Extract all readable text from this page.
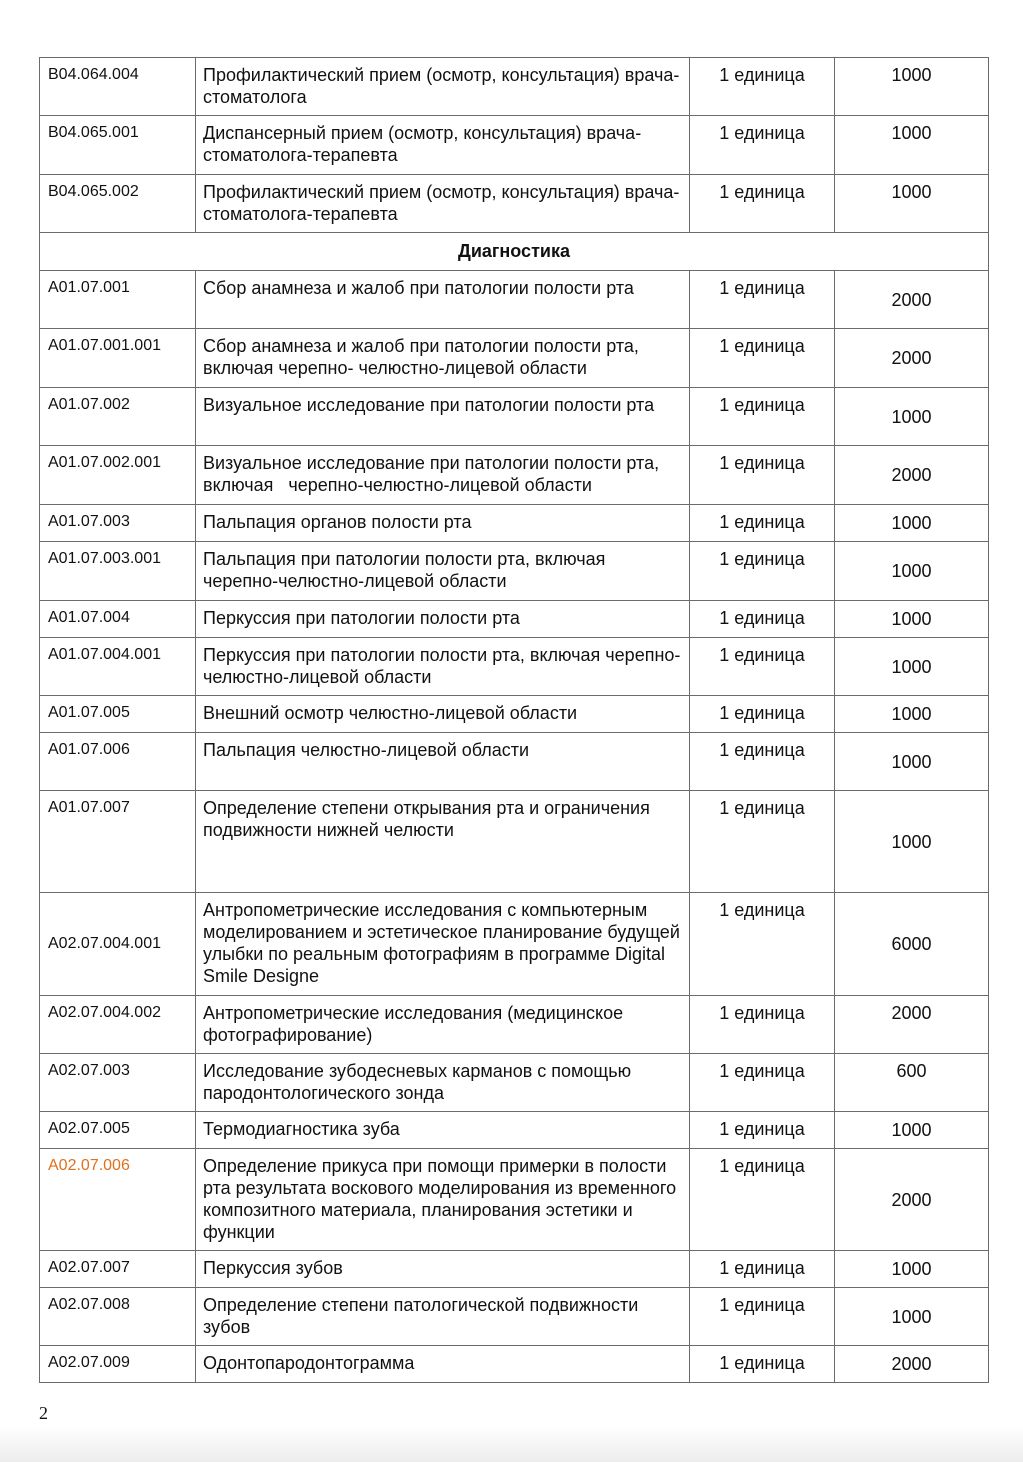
B04.064.004	Профилактический прием (осмотр, консультация) врача-стоматолога	1 единица	1000
B04.065.001	Диспансерный прием (осмотр, консультация) врача-стоматолога-терапевта	1 единица	1000
B04.065.002	Профилактический прием (осмотр, консультация) врача-стоматолога-терапевта	1 единица	1000
Диагностика			
A01.07.001	Сбор анамнеза и жалоб при патологии полости рта	1 единица	2000
A01.07.001.001	Сбор анамнеза и жалоб при патологии полости рта, включая черепно- челюстно-лицевой области	1 единица	2000
A01.07.002	Визуальное исследование при патологии полости рта	1 единица	1000
A01.07.002.001	Визуальное исследование при патологии полости рта, включая   черепно-челюстно-лицевой области	1 единица	2000
A01.07.003	Пальпация органов полости рта	1 единица	1000
A01.07.003.001	Пальпация при патологии полости рта, включая черепно-челюстно-лицевой области	1 единица	1000
A01.07.004	Перкуссия при патологии полости рта	1 единица	1000
A01.07.004.001	Перкуссия при патологии полости рта, включая черепно-челюстно-лицевой области	1 единица	1000
A01.07.005	Внешний осмотр челюстно-лицевой области	1 единица	1000
A01.07.006	Пальпация челюстно-лицевой области	1 единица	1000
A01.07.007	Определение степени открывания рта и ограничения подвижности нижней челюсти	1 единица	1000
A02.07.004.001	Антропометрические исследования с компьютерным моделированием и эстетическое планирование будущей улыбки по реальным фотографиям в программе Digital Smile Designe	1 единица	6000
A02.07.004.002	Антропометрические исследования (медицинское фотографирование)	1 единица	2000
A02.07.003	Исследование зубодесневых карманов с помощью пародонтологического зонда	1 единица	600
A02.07.005	Термодиагностика зуба	1 единица	1000
A02.07.006	Определение прикуса при помощи примерки в полости рта результата воскового моделирования из временного композитного материала, планирования эстетики и функции	1 единица	2000
A02.07.007	Перкуссия зубов	1 единица	1000
A02.07.008	Определение степени патологической подвижности зубов	1 единица	1000
A02.07.009	Одонтопародонтограмма	1 единица	2000
2
